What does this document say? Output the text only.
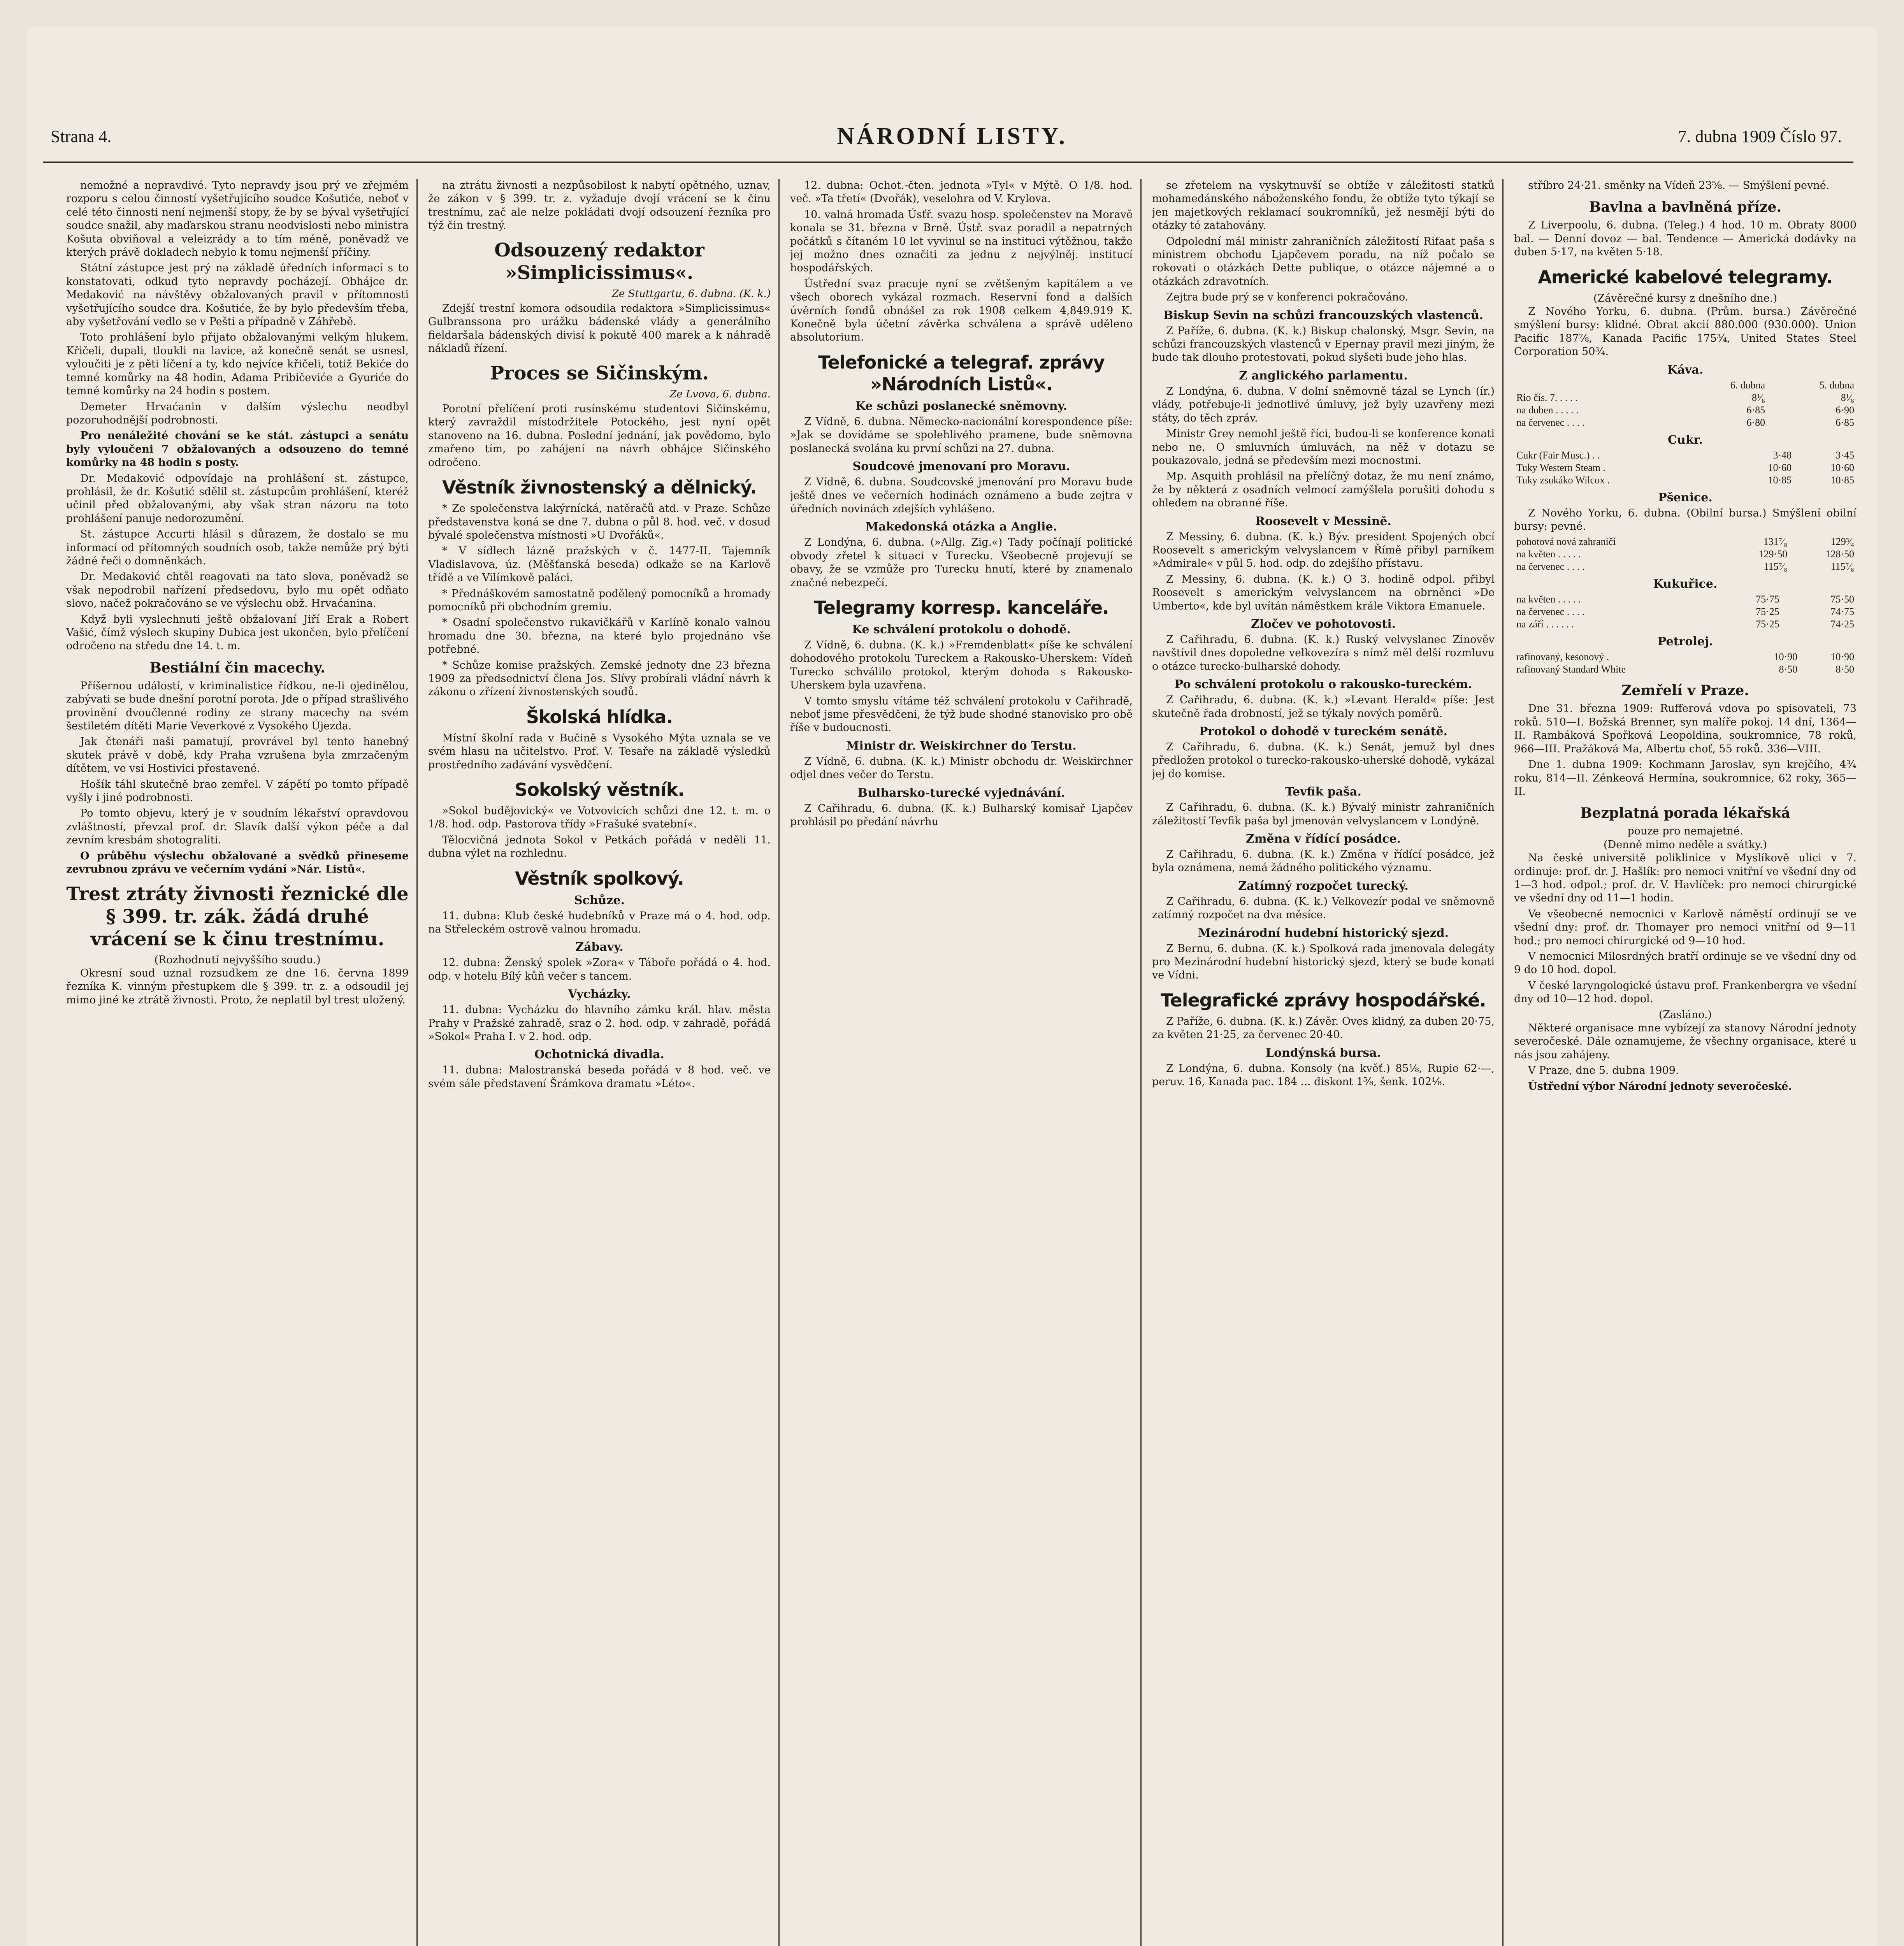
Strana 4.	NÁRODNÍ LISTY.	7. dubna 1909 Číslo 97.

nemožné a nepravdivé. Tyto nepravdy jsou prý ve zřejmém rozporu s celou činností vyšetřujícího soudce Košutiće, neboť v celé této činnosti není nejmenší stopy, že by se býval vyšetřující soudce snažil, aby maďarskou stranu neodvislosti nebo ministra Košuta obviňoval a veleizrády a to tím méně, poněvadž ve kterých právě dokladech nebylo k tomu nejmenší příčiny.

Státní zástupce jest prý na základě úředních informací s to konstatovati, odkud tyto nepravdy pocházejí. Obhájce dr. Medaković na návštěvy obžalovaných pravil v přítomnosti vyšetřujícího soudce dra. Košutiće, že by bylo především třeba, aby vyšetřování vedlo se v Pešti a případně v Záhřebě.

Toto prohlášení bylo přijato obžalovanými velkým hlukem. Křičeli, dupali, tloukli na lavice, až konečně senát se usnesl, vyloučiti je z pěti líčení a ty, kdo nejvíce křičeli, totiž Bekiće do temné komůrky na 48 hodin, Adama Pribičeviće a Gyuriće do temné komůrky na 24 hodin s postem.

Demeter Hrvaćanin v dalším výslechu neodbyl pozoruhodnější podrobnosti.

Pro nenáležité chování se ke stát. zástupci a senátu byly vyloučeni 7 obžalovaných a odsouzeno do temné komůrky na 48 hodin s posty.

Dr. Medaković odpovídaje na prohlášení st. zástupce, prohlásil, že dr. Košutić sdělil st. zástupcům prohlášení, kteréž učinil před obžalovanými, aby však stran názoru na toto prohlášení panuje nedorozumění.

St. zástupce Accurti hlásil s důrazem, že dostalo se mu informací od přítomných soudních osob, takže nemůže prý býti žádné řeči o domněnkách.

Dr. Medaković chtěl reagovati na tato slova, poněvadž se však nepodrobil nařízení předsedovu, bylo mu opět odňato slovo, načež pokračováno se ve výslechu obž. Hrvaćanina.

Když byli vyslechnuti ještě obžalovaní Jiří Erak a Robert Vašić, čímž výslech skupiny Dubica jest ukončen, bylo přelíčení odročeno na středu dne 14. t. m.

Bestiální čin macechy.

Příšernou událostí, v kriminalistice řídkou, ne-li ojedinělou, zabývati se bude dnešní porotní porota. Jde o případ strašlivého provinění dvoučlenné rodiny ze strany macechy na svém šestiletém dítěti Marie Veverkové z Vysokého Újezda.

Jak čtenáři naši pamatují, provrável byl tento hanebný skutek právě v době, kdy Praha vzrušena byla zmrzačeným dítětem, ve vsi Hostivici přestavené.

Hošík táhl skutečně brao zemřel. V zápětí po tomto případě vyšly i jiné podrobnosti.

Po tomto objevu, který je v soudním lékařství opravdovou zvláštností, převzal prof. dr. Slavík další výkon péče a dal zevním kresbám shotograliti.

O průběhu výslechu obžalované a svědků přineseme zevrubnou zprávu ve večerním vydání »Nár. Listů«.

Trest ztráty živnosti řeznické dle § 399. tr. zák. žádá druhé vrácení se k činu trestnímu.
(Rozhodnutí nejvyššího soudu.)

Okresní soud uznal rozsudkem ze dne 16. června 1899 řezníka K. vinným přestupkem dle § 399. tr. z. a odsoudil jej mimo jiné ke ztrátě živnosti. Proto, že neplatil byl trest uložený.

na ztrátu živnosti a nezpůsobilost k nabytí opětného, uznav, že zákon v § 399. tr. z. vyžaduje dvojí vrácení se k činu trestnímu, zač ale nelze pokládati dvojí odsouzení řezníka pro týž čin trestný.

Odsouzený redaktor »Simplicissimus«.
Ze Stuttgartu, 6. dubna. (K. k.)

Zdejší trestní komora odsoudila redaktora »Simplicissimus« Gulbranssona pro urážku bádenské vlády a generálního fieldaršala bádenských divisí k pokutě 400 marek a k náhradě nákladů řízení.

Proces se Sičinským.
Ze Lvova, 6. dubna.

Porotní přelíčení proti rusínskému studentovi Sičinskému, který zavraždil místodržitele Potockého, jest nyní opět stanoveno na 16. dubna. Poslední jednání, jak povědomo, bylo zmařeno tím, po zahájení na návrh obhájce Sičinského odročeno.

Věstník živnostenský a dělnický.

* Ze společenstva lakýrnícká, natěračů atd. v Praze. Schůze představenstva koná se dne 7. dubna o půl 8. hod. več. v dosud bývalé společenstva místnosti »U Dvořáků«.

* V sídlech lázně pražských v č. 1477-II. Tajemník Vladislavova, úz. (Měšťanská beseda) odkaže se na Karlově třídě a ve Vilímkově paláci.

* Přednáškovém samostatně podělený pomocníků a hromady pomocníků při obchodním gremiu.

* Osadní společenstvo rukavičkářů v Karlíně konalo valnou hromadu dne 30. března, na které bylo projednáno vše potřebné.

* Schůze komise pražských. Zemské jednoty dne 23 března 1909 za předsednictví člena Jos. Slívy probírali vládní návrh k zákonu o zřízení živnostenských soudů.

Školská hlídka.

Místní školní rada v Bučině s Vysokého Mýta uznala se ve svém hlasu na učitelstvo. Prof. V. Tesaře na základě výsledků prostředního zadávání vysvědčení.

Sokolský věstník.

»Sokol budějovický« ve Votvovicích schůzi dne 12. t. m. o 1/8. hod. odp. Pastorova třídy »Frašuké svatební«.

Tělocvičná jednota Sokol v Petkách pořádá v neděli 11. dubna výlet na rozhlednu.

Věstník spolkový.
Schůze.

11. dubna: Klub české hudebníků v Praze má o 4. hod. odp. na Střeleckém ostrově valnou hromadu.

Zábavy.

12. dubna: Ženský spolek »Zora« v Táboře pořádá o 4. hod. odp. v hotelu Bílý kůň večer s tancem.

Vycházky.

11. dubna: Vycházku do hlavního zámku král. hlav. města Prahy v Pražské zahradě, sraz o 2. hod. odp. v zahradě, pořádá »Sokol« Praha I. v 2. hod. odp.

Ochotnická divadla.

11. dubna: Malostranská beseda pořádá v 8 hod. več. ve svém sále představení Šrámkova dramatu »Léto«.

12. dubna: Ochot.-čten. jednota »Tyl« v Mýtě. O 1/8. hod. več. »Ta třetí« (Dvořák), veselohra od V. Krylova.

10. valná hromada Úsťř. svazu hosp. společenstev na Moravě konala se 31. března v Brně. Ústř. svaz poradil a nepatrných počátků s čítaném 10 let vyvinul se na instituci výtěžnou, takže jej možno dnes označiti za jednu z nejvýlněj. institucí hospodářských.

Ústřední svaz pracuje nyní se zvětšeným kapitálem a ve všech oborech vykázal rozmach. Reservní fond a dalších úvěrních fondů obnášel za rok 1908 celkem 4,849.919 K. Konečně byla účetní závěrka schválena a správě uděleno absolutorium.

Telefonické a telegraf. zprávy »Národních Listů«.
Ke schůzi poslanecké sněmovny.

Z Vídně, 6. dubna. Německo-nacionální korespondence píše: »Jak se dovídáme se spolehlivého pramene, bude sněmovna poslanecká svolána ku první schůzi na 27. dubna.

Soudcové jmenovaní pro Moravu.

Z Vídně, 6. dubna. Soudcovské jmenování pro Moravu bude ještě dnes ve večerních hodinách oznámeno a bude zejtra v úředních novinách zdejších vyhlášeno.

Makedonská otázka a Anglie.

Z Londýna, 6. dubna. (»Allg. Zig.«) Tady počínají politické obvody zřetel k situaci v Turecku. Všeobecně projevují se obavy, že se vzmůže pro Turecku hnutí, které by znamenalo značné nebezpečí.

Telegramy korresp. kanceláře.
Ke schválení protokolu o dohodě.

Z Vídně, 6. dubna. (K. k.) »Fremdenblatt« píše ke schválení dohodového protokolu Tureckem a Rakousko-Uherskem: Vídeň Turecko schválilo protokol, kterým dohoda s Rakousko-Uherskem byla uzavřena.

V tomto smyslu vítáme též schválení protokolu v Cařihradě, neboť jsme přesvědčeni, že týž bude shodné stanovisko pro obě říše v budoucnosti.

Ministr dr. Weiskirchner do Terstu.

Z Vídně, 6. dubna. (K. k.) Ministr obchodu dr. Weiskirchner odjel dnes večer do Terstu.

Bulharsko-turecké vyjednávání.

Z Cařihradu, 6. dubna. (K. k.) Bulharský komisař Ljapčev prohlásil po předání návrhu

se zřetelem na vyskytnuvší se obtíže v záležitosti statků mohamedánského náboženského fondu, že obtíže tyto týkají se jen majetkových reklamací soukromníků, jež nesmějí býti do otázky té zatahovány.

Odpolední mál ministr zahraničních záležitostí Rifaat paša s ministrem obchodu Ljapčevem poradu, na níž počalo se rokovati o otázkách Dette publique, o otázce nájemné a o otázkách zdravotních.

Zejtra bude prý se v konferenci pokračováno.

Biskup Sevin na schůzi francouzských vlastenců.

Z Paříže, 6. dubna. (K. k.) Biskup chalonský, Msgr. Sevin, na schůzi francouzských vlastenců v Epernay pravil mezi jiným, že bude tak dlouho protestovati, pokud slyšeti bude jeho hlas.

Z anglického parlamentu.

Z Londýna, 6. dubna. V dolní sněmovně tázal se Lynch (ír.) vlády, potřebuje-li jednotlivé úmluvy, jež byly uzavřeny mezi státy, do těch zpráv.

Ministr Grey nemohl ještě říci, budou-li se konference konati nebo ne. O smluvních úmluvách, na něž v dotazu se poukazovalo, jedná se především mezi mocnostmi.

Mp. Asquith prohlásil na přelíčný dotaz, že mu není známo, že by některá z osadních velmocí zamýšlela porušiti dohodu s ohledem na obranné říše.

Roosevelt v Messině.

Z Messiny, 6. dubna. (K. k.) Býv. president Spojených obcí Roosevelt s americkým velvyslancem v Římě přibyl parníkem »Admirale« v půl 5. hod. odp. do zdejšího přístavu.

Z Messiny, 6. dubna. (K. k.) O 3. hodině odpol. přibyl Roosevelt s americkým velvyslancem na obrněnci »De Umberto«, kde byl uvítán náměstkem krále Viktora Emanuele.

Zločev ve pohotovosti.

Z Cařihradu, 6. dubna. (K. k.) Ruský velvyslanec Zinověv navštívil dnes dopoledne velkovezíra s nímž měl delší rozmluvu o otázce turecko-bulharské dohody.

Po schválení protokolu o rakousko-tureckém.

Z Cařihradu, 6. dubna. (K. k.) »Levant Herald« píše: Jest skutečně řada drobností, jež se týkaly nových poměrů.

Protokol o dohodě v tureckém senátě.

Z Cařihradu, 6. dubna. (K. k.) Senát, jemuž byl dnes předložen protokol o turecko-rakousko-uherské dohodě, vykázal jej do komise.

Tevfik paša.

Z Cařihradu, 6. dubna. (K. k.) Bývalý ministr zahraničních záležitostí Tevfik paša byl jmenován velvyslancem v Londýně.

Změna v řídící posádce.

Z Cařihradu, 6. dubna. (K. k.) Změna v řídící posádce, jež byla oznámena, nemá žádného politického významu.

Zatímný rozpočet turecký.

Z Cařihradu, 6. dubna. (K. k.) Velkovezír podal ve sněmovně zatímný rozpočet na dva měsíce.

Mezinárodní hudební historický sjezd.

Z Bernu, 6. dubna. (K. k.) Spolková rada jmenovala delegáty pro Mezinárodní hudební historický sjezd, který se bude konati ve Vídni.

Telegrafické zprávy hospodářské.

Z Paříže, 6. dubna. (K. k.) Závěr. Oves klidný, za duben 20·75, za květen 21·25, za červenec 20·40.

Londýnská bursa.

Z Londýna, 6. dubna. Konsoly (na kvěť.) 85¹⁄₈, Rupie 62·—, peruv. 16, Kanada pac. 184 ... diskont 1⁵⁄₈, šenk. 102¹⁄₈.

stříbro 24·21. směnky na Vídeň 23⁵⁄₈. — Smýšlení pevné.

Bavlna a bavlněná příze.

Z Liverpoolu, 6. dubna. (Teleg.) 4 hod. 10 m. Obraty 8000 bal. — Denní dovoz — bal. Tendence — Americká dodávky na duben 5·17, na květen 5·18.

Americké kabelové telegramy.
(Závěrečné kursy z dnešního dne.)

Z Nového Yorku, 6. dubna. (Prům. bursa.) Závěrečné smýšlení bursy: klidné. Obrat akcií 880.000 (930.000). Union Pacific 187⁷⁄₈, Kanada Pacific 175³⁄₄, United States Steel Corporation 50³⁄₄.

Káva.
	6. dubna	5. dubna
Rio čís. 7. . . . .	8¹⁄₈	8¹⁄₈
na duben . . . . .	6·85	6·90
na červenec . . . .	6·80	6·85
Cukr.
Cukr (Fair Musc.) . .	3·48	3·45
Tuky Western Steam .	10·60	10·60
Tuky zsukáko Wilcox .	10·85	10·85
Pšenice.

Z Nového Yorku, 6. dubna. (Obilní bursa.) Smýšlení obilní bursy: pevné.

pohotová nová zahraničí	131⁷⁄₈	129³⁄₄
na květen . . . . .	129·50	128·50
na červenec . . . .	115⁷⁄₈	115⁷⁄₈
Kukuřice.
na květen . . . . .	75·75	75·50
na červenec . . . .	75·25	74·75
na září . . . . . .	75·25	74·25
Petrolej.
rafinovaný, kesonový .	10·90	10·90
rafinovaný Standard White	8·50	8·50
Zemřelí v Praze.

Dne 31. března 1909: Rufferová vdova po spisovateli, 73 roků. 510—I. Božská Brenner, syn malíře pokoj. 14 dní, 1364—II. Rambáková Spořková Leopoldina, soukromnice, 78 roků, 966—III. Pražáková Ma, Albertu choť, 55 roků. 336—VIII.

Dne 1. dubna 1909: Kochmann Jaroslav, syn krejčího, 4³⁄₄ roku, 814—II. Zénkeová Hermína, soukromnice, 62 roky, 365—II.

Bezplatná porada lékařská
pouze pro nemajetné.
(Denně mimo neděle a svátky.)

Na české universitě poliklinice v Myslíkově ulici v 7. ordinuje: prof. dr. J. Hašlík: pro nemoci vnitřní ve všední dny od 1—3 hod. odpol.; prof. dr. V. Havlíček: pro nemoci chirurgické ve všední dny od 11—1 hodin.

Ve všeobecné nemocnici v Karlově náměstí ordinují se ve všední dny: prof. dr. Thomayer pro nemoci vnitřní od 9—11 hod.; pro nemoci chirurgické od 9—10 hod.

V nemocnici Milosrdných bratří ordinuje se ve všední dny od 9 do 10 hod. dopol.

V české laryngologické ústavu prof. Frankenbergra ve všední dny od 10—12 hod. dopol.

(Zasláno.)

Některé organisace mne vybízejí za stanovy Národní jednoty severočeské. Dále oznamujeme, že všechny organisace, které u nás jsou zahájeny.

V Praze, dne 5. dubna 1909.

Ústřední výbor Národní jednoty severočeské.
